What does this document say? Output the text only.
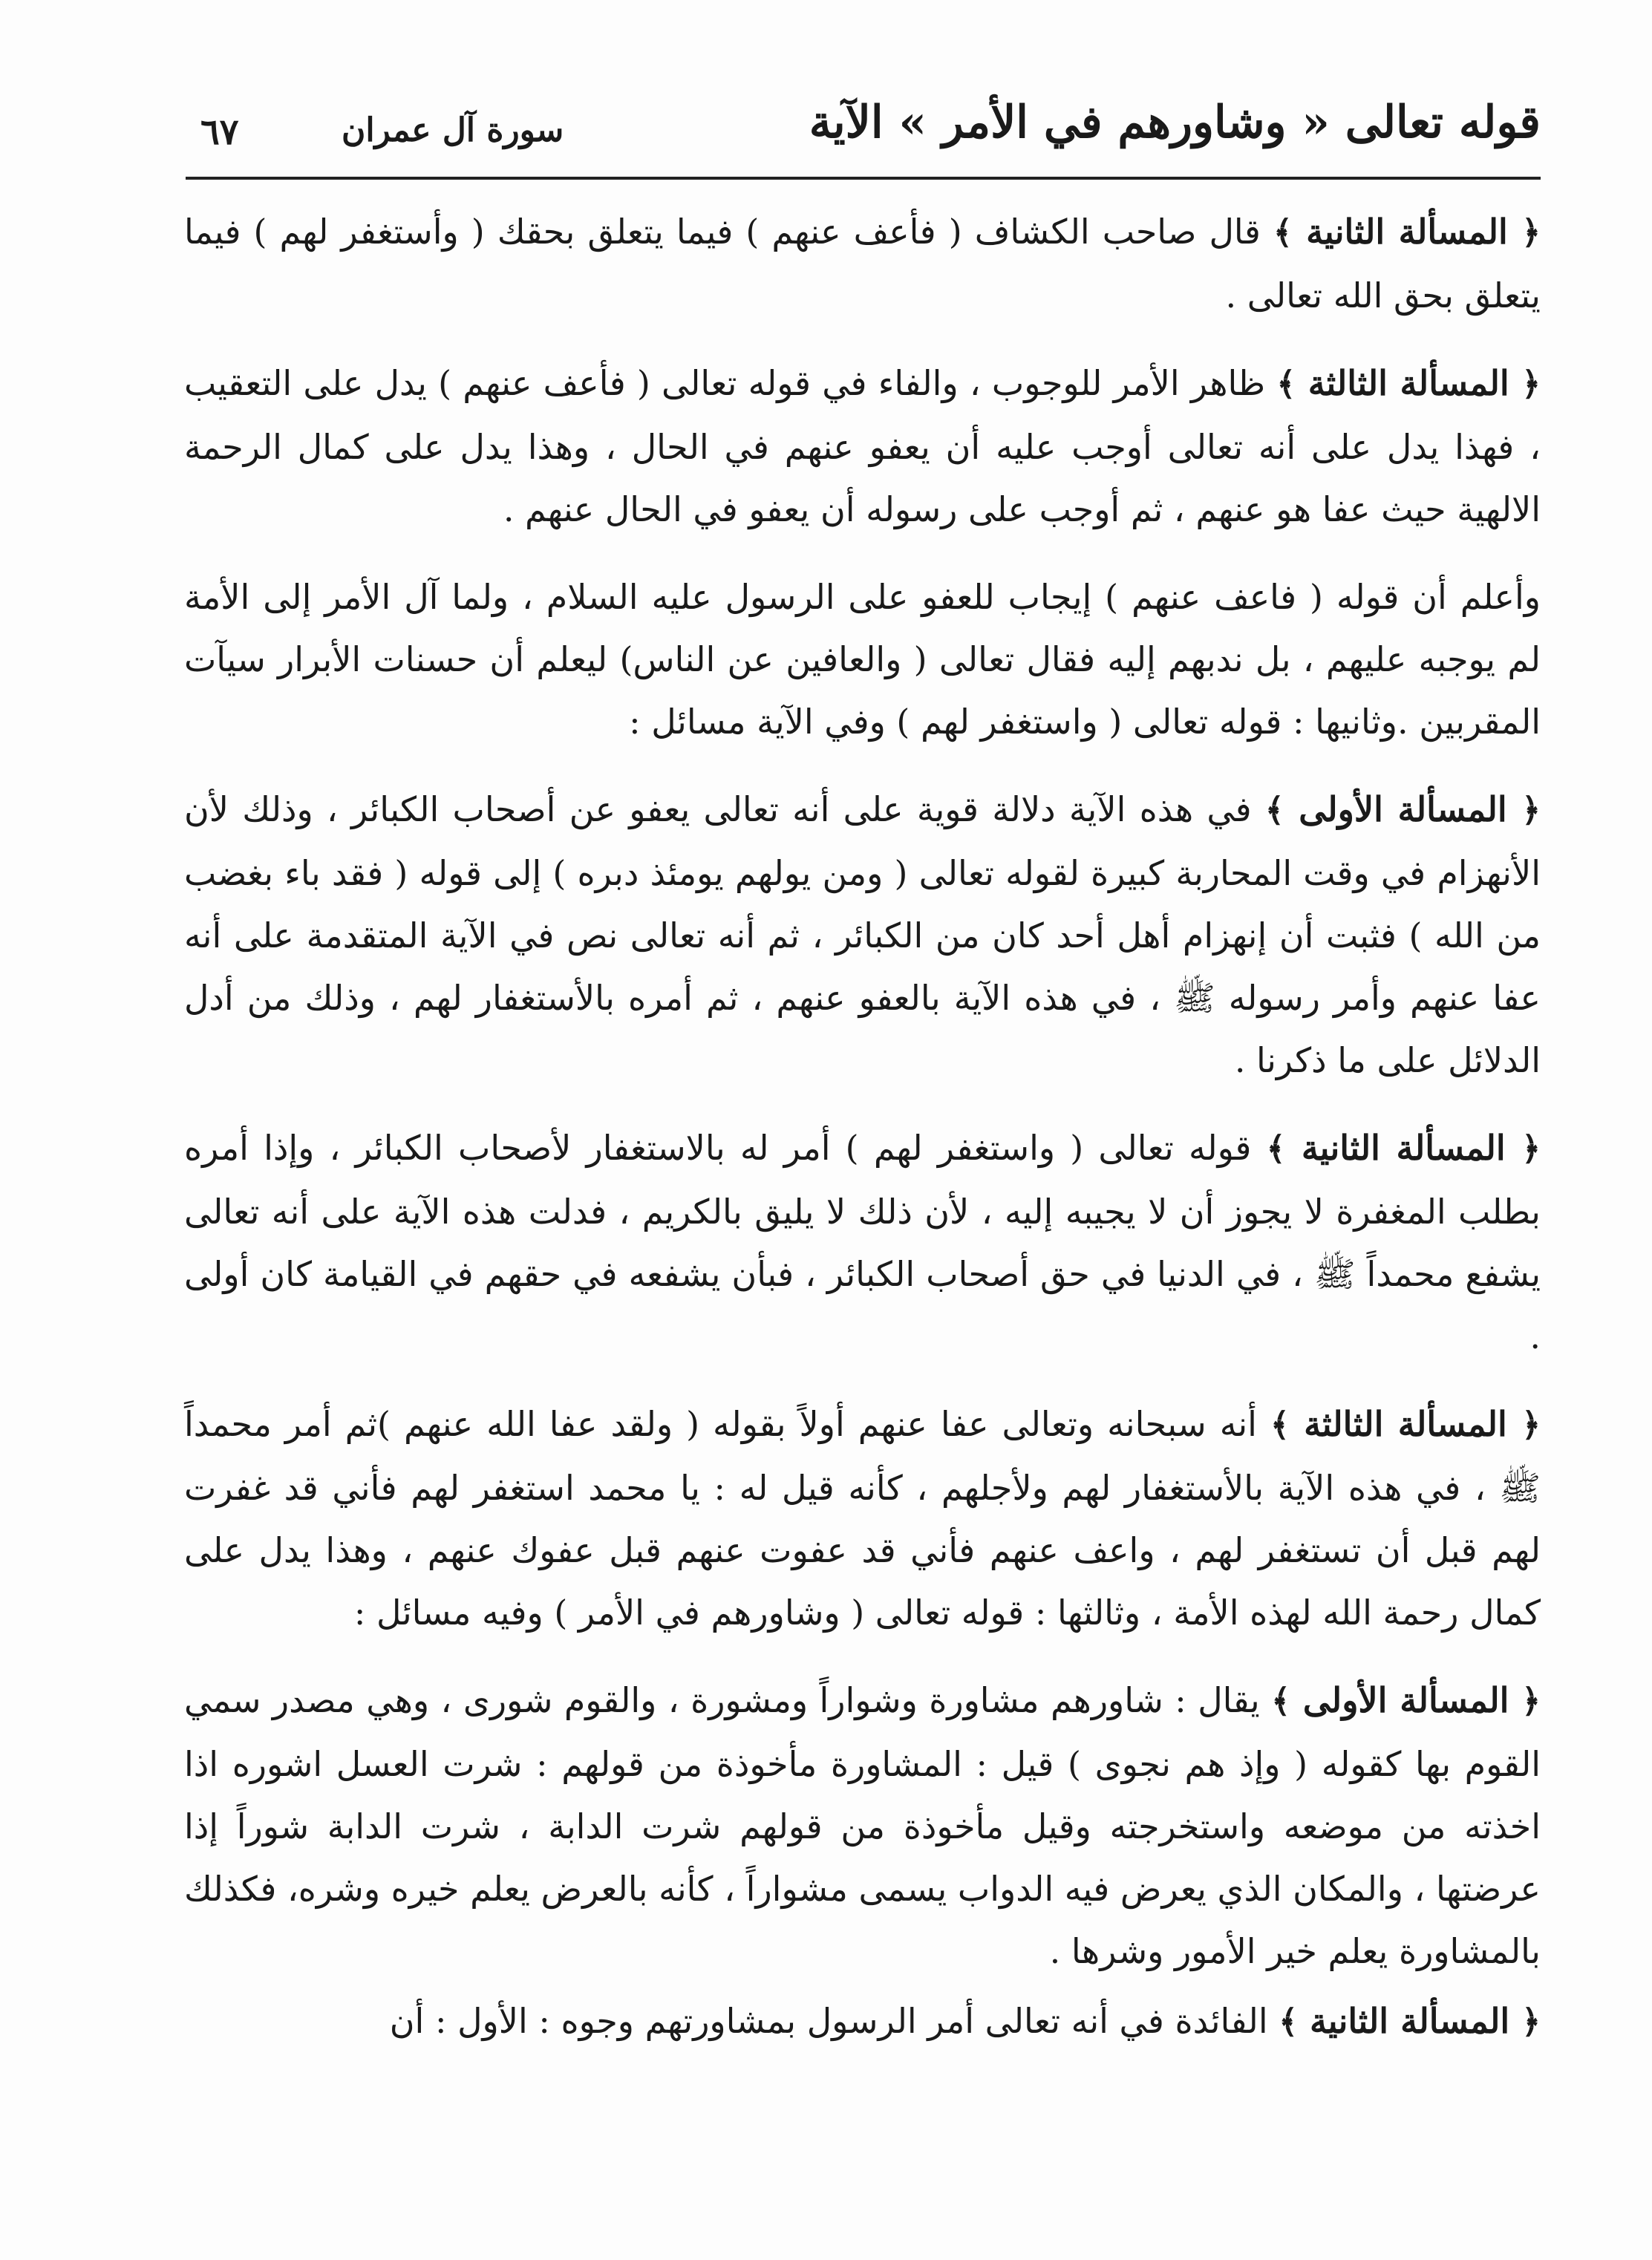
قوله تعالى « وشاورهم في الأمر » الآية
سورة آل عمران
٦٧

﴿ المسألة الثانية ﴾ قال صاحب الكشاف ( فأعف عنهم ) فيما يتعلق بحقك ( وأستغفر لهم ) فيما يتعلق بحق الله تعالى .

﴿ المسألة الثالثة ﴾ ظاهر الأمر للوجوب ، والفاء في قوله تعالى ( فأعف عنهم ) يدل على التعقيب ، فهذا يدل على أنه تعالى أوجب عليه أن يعفو عنهم في الحال ، وهذا يدل على كمال الرحمة الالهية حيث عفا هو عنهم ، ثم أوجب على رسوله أن يعفو في الحال عنهم .

وأعلم أن قوله ( فاعف عنهم ) إيجاب للعفو على الرسول عليه السلام ، ولما آل الأمر إلى الأمة لم يوجبه عليهم ، بل ندبهم إليه فقال تعالى ( والعافين عن الناس) ليعلم أن حسنات الأبرار سيآت المقربين .وثانيها : قوله تعالى ( واستغفر لهم ) وفي الآية مسائل :

﴿ المسألة الأولى ﴾ في هذه الآية دلالة قوية على أنه تعالى يعفو عن أصحاب الكبائر ، وذلك لأن الأنهزام في وقت المحاربة كبيرة لقوله تعالى ( ومن يولهم يومئذ دبره ) إلى قوله ( فقد باء بغضب من الله ) فثبت أن إنهزام أهل أحد كان من الكبائر ، ثم أنه تعالى نص في الآية المتقدمة على أنه عفا عنهم وأمر رسوله ﷺ ، في هذه الآية بالعفو عنهم ، ثم أمره بالأستغفار لهم ، وذلك من أدل الدلائل على ما ذكرنا .

﴿ المسألة الثانية ﴾ قوله تعالى ( واستغفر لهم ) أمر له بالاستغفار لأصحاب الكبائر ، وإذا أمره بطلب المغفرة لا يجوز أن لا يجيبه إليه ، لأن ذلك لا يليق بالكريم ، فدلت هذه الآية على أنه تعالى يشفع محمداً ﷺ ، في الدنيا في حق أصحاب الكبائر ، فبأن يشفعه في حقهم في القيامة كان أولى .

﴿ المسألة الثالثة ﴾ أنه سبحانه وتعالى عفا عنهم أولاً بقوله ( ولقد عفا الله عنهم )ثم أمر محمداً ﷺ ، في هذه الآية بالأستغفار لهم ولأجلهم ، كأنه قيل له : يا محمد استغفر لهم فأني قد غفرت لهم قبل أن تستغفر لهم ، واعف عنهم فأني قد عفوت عنهم قبل عفوك عنهم ، وهذا يدل على كمال رحمة الله لهذه الأمة ، وثالثها : قوله تعالى ( وشاورهم في الأمر ) وفيه مسائل :

﴿ المسألة الأولى ﴾ يقال : شاورهم مشاورة وشواراً ومشورة ، والقوم شورى ، وهي مصدر سمي القوم بها كقوله ( وإذ هم نجوى ) قيل : المشاورة مأخوذة من قولهم : شرت العسل اشوره اذا اخذته من موضعه واستخرجته وقيل مأخوذة من قولهم شرت الدابة ، شرت الدابة شوراً إذا عرضتها ، والمكان الذي يعرض فيه الدواب يسمى مشواراً ، كأنه بالعرض يعلم خيره وشره، فكذلك بالمشاورة يعلم خير الأمور وشرها .

﴿ المسألة الثانية ﴾ الفائدة في أنه تعالى أمر الرسول بمشاورتهم وجوه : الأول : أن
